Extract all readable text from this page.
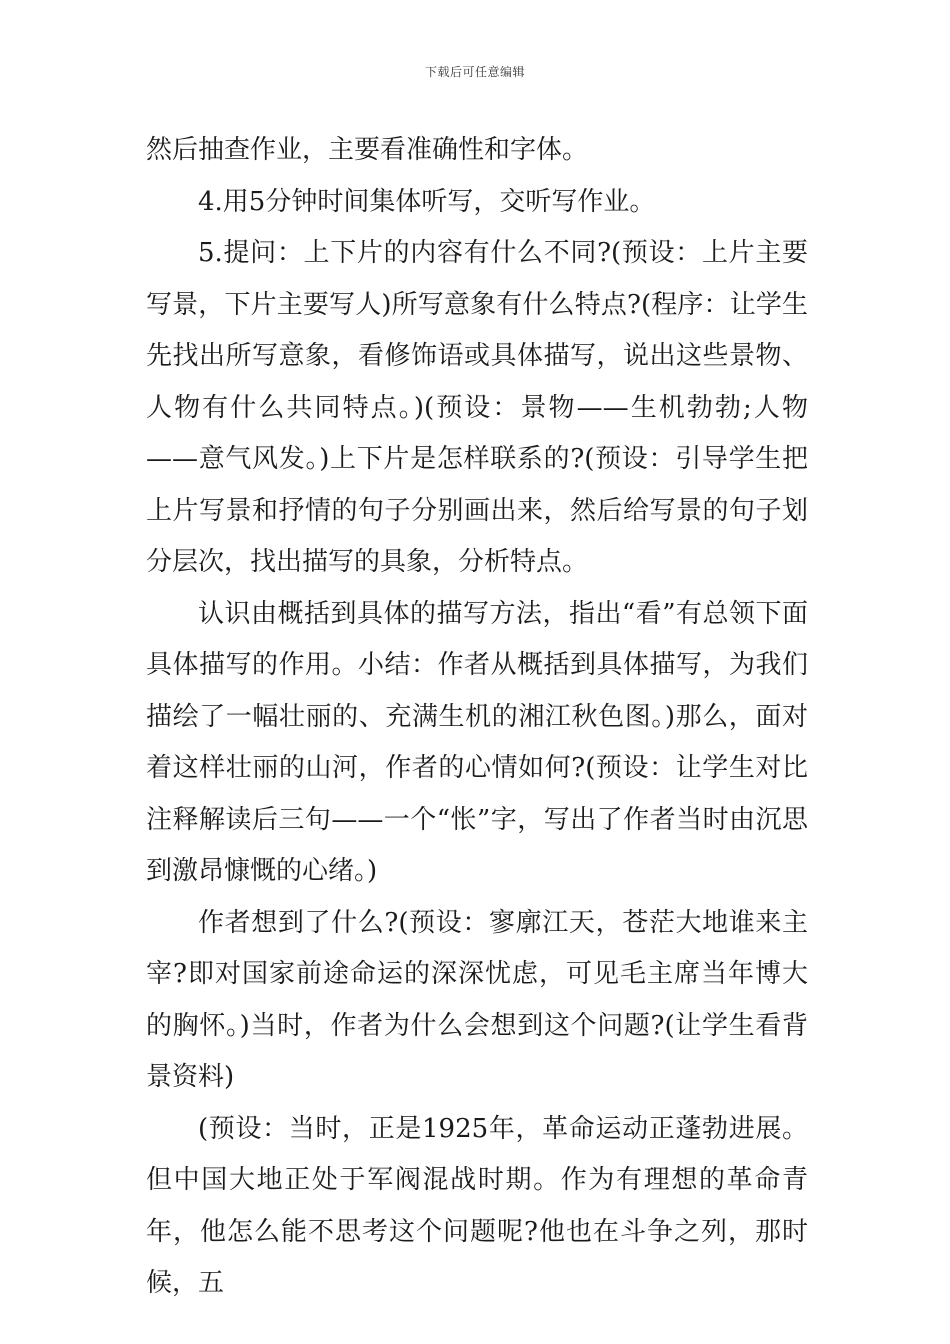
下载后可任意编辑

然后抽查作业，主要看准确性和字体。

4.用5分钟时间集体听写，交听写作业。

5.提问：上下片的内容有什么不同?(预设：上片主要写景，下片主要写人)所写意象有什么特点?(程序：让学生先找出所写意象，看修饰语或具体描写，说出这些景物、人物有什么共同特点。)(预设：景物——生机勃勃;人物——意气风发。)上下片是怎样联系的?(预设：引导学生把上片写景和抒情的句子分别画出来，然后给写景的句子划分层次，找出描写的具象，分析特点。

认识由概括到具体的描写方法，指出“看”有总领下面具体描写的作用。小结：作者从概括到具体描写，为我们描绘了一幅壮丽的、充满生机的湘江秋色图。)那么，面对着这样壮丽的山河，作者的心情如何?(预设：让学生对比注释解读后三句——一个“怅”字，写出了作者当时由沉思到激昂慷慨的心绪。)

作者想到了什么?(预设：寥廓江天，苍茫大地谁来主宰?即对国家前途命运的深深忧虑，可见毛主席当年博大的胸怀。)当时，作者为什么会想到这个问题?(让学生看背景资料)

(预设：当时，正是1925年，革命运动正蓬勃进展。但中国大地正处于军阀混战时期。作为有理想的革命青年，他怎么能不思考这个问题呢?他也在斗争之列，那时候，五
